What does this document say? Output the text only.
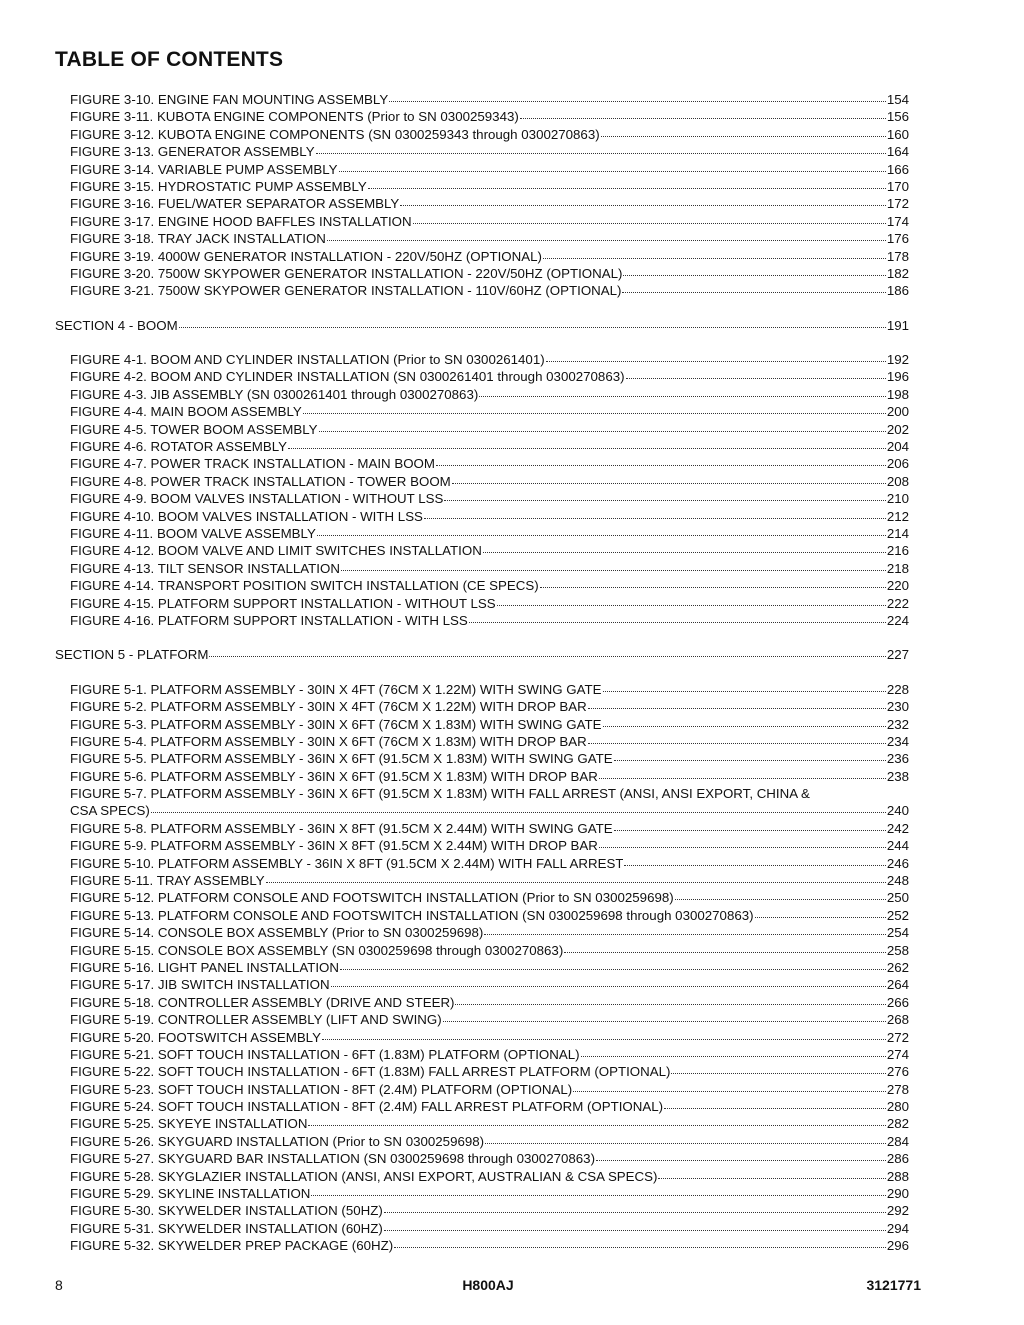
TABLE OF CONTENTS
FIGURE 3-10. ENGINE FAN MOUNTING ASSEMBLY	154
FIGURE 3-11. KUBOTA ENGINE COMPONENTS (Prior to SN 0300259343)	156
FIGURE 3-12. KUBOTA ENGINE COMPONENTS (SN 0300259343 through 0300270863)	160
FIGURE 3-13. GENERATOR ASSEMBLY	164
FIGURE 3-14. VARIABLE PUMP ASSEMBLY	166
FIGURE 3-15. HYDROSTATIC PUMP ASSEMBLY	170
FIGURE 3-16. FUEL/WATER SEPARATOR ASSEMBLY	172
FIGURE 3-17. ENGINE HOOD BAFFLES INSTALLATION	174
FIGURE 3-18. TRAY JACK INSTALLATION	176
FIGURE 3-19. 4000W GENERATOR INSTALLATION - 220V/50HZ (OPTIONAL)	178
FIGURE 3-20. 7500W SKYPOWER GENERATOR INSTALLATION - 220V/50HZ (OPTIONAL)	182
FIGURE 3-21. 7500W SKYPOWER GENERATOR INSTALLATION - 110V/60HZ (OPTIONAL)	186
SECTION 4 - BOOM	191
FIGURE 4-1. BOOM AND CYLINDER INSTALLATION (Prior to SN 0300261401)	192
FIGURE 4-2. BOOM AND CYLINDER INSTALLATION (SN 0300261401 through 0300270863)	196
FIGURE 4-3. JIB ASSEMBLY (SN 0300261401 through 0300270863)	198
FIGURE 4-4. MAIN BOOM ASSEMBLY	200
FIGURE 4-5. TOWER BOOM ASSEMBLY	202
FIGURE 4-6. ROTATOR ASSEMBLY	204
FIGURE 4-7. POWER TRACK INSTALLATION - MAIN BOOM	206
FIGURE 4-8. POWER TRACK INSTALLATION - TOWER BOOM	208
FIGURE 4-9. BOOM VALVES INSTALLATION - WITHOUT LSS	210
FIGURE 4-10. BOOM VALVES INSTALLATION - WITH LSS	212
FIGURE 4-11. BOOM VALVE ASSEMBLY	214
FIGURE 4-12. BOOM VALVE AND LIMIT SWITCHES INSTALLATION	216
FIGURE 4-13. TILT SENSOR INSTALLATION	218
FIGURE 4-14. TRANSPORT POSITION SWITCH INSTALLATION (CE SPECS)	220
FIGURE 4-15. PLATFORM SUPPORT INSTALLATION - WITHOUT LSS	222
FIGURE 4-16. PLATFORM SUPPORT INSTALLATION - WITH LSS	224
SECTION 5 - PLATFORM	227
FIGURE 5-1. PLATFORM ASSEMBLY - 30IN X 4FT (76CM X 1.22M) WITH SWING GATE	228
FIGURE 5-2. PLATFORM ASSEMBLY - 30IN X 4FT (76CM X 1.22M) WITH DROP BAR	230
FIGURE 5-3. PLATFORM ASSEMBLY - 30IN X 6FT (76CM X 1.83M) WITH SWING GATE	232
FIGURE 5-4. PLATFORM ASSEMBLY - 30IN X 6FT (76CM X 1.83M) WITH DROP BAR	234
FIGURE 5-5. PLATFORM ASSEMBLY - 36IN X 6FT (91.5CM X 1.83M) WITH SWING GATE	236
FIGURE 5-6. PLATFORM ASSEMBLY - 36IN X 6FT (91.5CM X 1.83M) WITH DROP BAR	238
FIGURE 5-7. PLATFORM ASSEMBLY - 36IN X 6FT (91.5CM X 1.83M) WITH FALL ARREST (ANSI, ANSI EXPORT, CHINA &
CSA SPECS)	240
FIGURE 5-8. PLATFORM ASSEMBLY - 36IN X 8FT (91.5CM X 2.44M) WITH SWING GATE	242
FIGURE 5-9. PLATFORM ASSEMBLY - 36IN X 8FT (91.5CM X 2.44M) WITH DROP BAR	244
FIGURE 5-10. PLATFORM ASSEMBLY - 36IN X 8FT (91.5CM X 2.44M) WITH FALL ARREST	246
FIGURE 5-11. TRAY ASSEMBLY	248
FIGURE 5-12. PLATFORM CONSOLE AND FOOTSWITCH INSTALLATION (Prior to SN 0300259698)	250
FIGURE 5-13. PLATFORM CONSOLE AND FOOTSWITCH INSTALLATION (SN 0300259698 through 0300270863)	252
FIGURE 5-14. CONSOLE BOX ASSEMBLY (Prior to SN 0300259698)	254
FIGURE 5-15. CONSOLE BOX ASSEMBLY (SN 0300259698 through 0300270863)	258
FIGURE 5-16. LIGHT PANEL INSTALLATION	262
FIGURE 5-17. JIB SWITCH INSTALLATION	264
FIGURE 5-18. CONTROLLER ASSEMBLY (DRIVE AND STEER)	266
FIGURE 5-19. CONTROLLER ASSEMBLY (LIFT AND SWING)	268
FIGURE 5-20. FOOTSWITCH ASSEMBLY	272
FIGURE 5-21. SOFT TOUCH INSTALLATION - 6FT (1.83M) PLATFORM (OPTIONAL)	274
FIGURE 5-22. SOFT TOUCH INSTALLATION - 6FT (1.83M) FALL ARREST PLATFORM (OPTIONAL)	276
FIGURE 5-23. SOFT TOUCH INSTALLATION - 8FT (2.4M) PLATFORM (OPTIONAL)	278
FIGURE 5-24. SOFT TOUCH INSTALLATION - 8FT (2.4M) FALL ARREST PLATFORM (OPTIONAL)	280
FIGURE 5-25. SKYEYE INSTALLATION	282
FIGURE 5-26. SKYGUARD INSTALLATION (Prior to SN 0300259698)	284
FIGURE 5-27. SKYGUARD BAR INSTALLATION (SN 0300259698 through 0300270863)	286
FIGURE 5-28. SKYGLAZIER INSTALLATION (ANSI, ANSI EXPORT, AUSTRALIAN & CSA SPECS)	288
FIGURE 5-29. SKYLINE INSTALLATION	290
FIGURE 5-30. SKYWELDER INSTALLATION (50HZ)	292
FIGURE 5-31. SKYWELDER INSTALLATION (60HZ)	294
FIGURE 5-32. SKYWELDER PREP PACKAGE (60HZ)	296
8	H800AJ	3121771
